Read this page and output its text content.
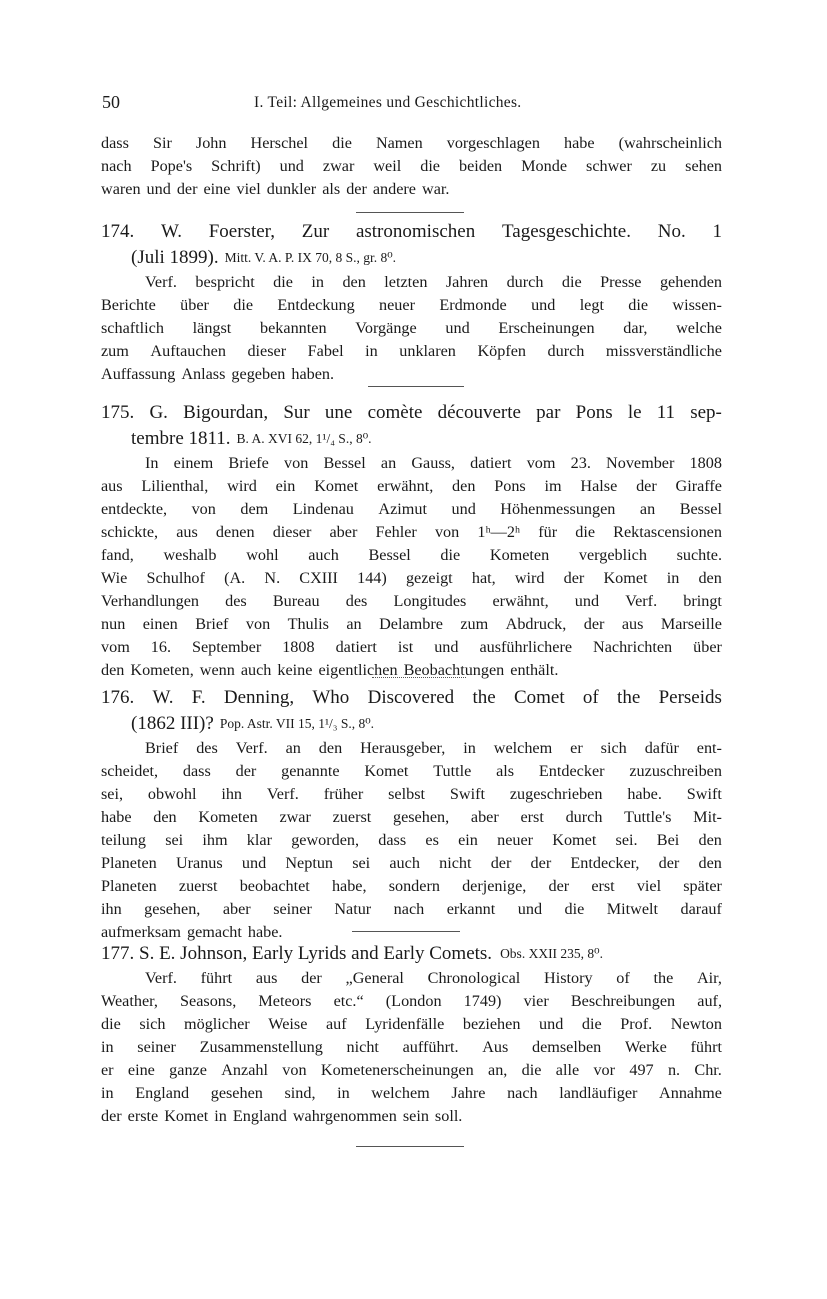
50	I. Teil: Allgemeines und Geschichtliches.
dass Sir John Herschel die Namen vorgeschlagen habe (wahrscheinlich
nach Pope's Schrift) und zwar weil die beiden Monde schwer zu sehen
waren und der eine viel dunkler als der andere war.
174. W. Foerster, Zur astronomischen Tagesgeschichte. No. 1
(Juli 1899). Mitt. V. A. P. IX 70, 8 S., gr. 8⁰.
Verf. bespricht die in den letzten Jahren durch die Presse gehenden
Berichte über die Entdeckung neuer Erdmonde und legt die wissen-
schaftlich längst bekannten Vorgänge und Erscheinungen dar, welche
zum Auftauchen dieser Fabel in unklaren Köpfen durch missverständliche
Auffassung Anlass gegeben haben.
175. G. Bigourdan, Sur une comète découverte par Pons le 11 sep-
tembre 1811. B. A. XVI 62, 1¹/₄ S., 8⁰.
In einem Briefe von Bessel an Gauss, datiert vom 23. November 1808
aus Lilienthal, wird ein Komet erwähnt, den Pons im Halse der Giraffe
entdeckte, von dem Lindenau Azimut und Höhenmessungen an Bessel
schickte, aus denen dieser aber Fehler von 1ʰ—2ʰ für die Rektascensionen
fand, weshalb wohl auch Bessel die Kometen vergeblich suchte.
Wie Schulhof (A. N. CXIII 144) gezeigt hat, wird der Komet in den
Verhandlungen des Bureau des Longitudes erwähnt, und Verf. bringt
nun einen Brief von Thulis an Delambre zum Abdruck, der aus Marseille
vom 16. September 1808 datiert ist und ausführlichere Nachrichten über
den Kometen, wenn auch keine eigentlichen Beobachtungen enthält.
176. W. F. Denning, Who Discovered the Comet of the Perseids
(1862 III)? Pop. Astr. VII 15, 1¹/₃ S., 8⁰.
Brief des Verf. an den Herausgeber, in welchem er sich dafür ent-
scheidet, dass der genannte Komet Tuttle als Entdecker zuzuschreiben
sei, obwohl ihn Verf. früher selbst Swift zugeschrieben habe. Swift
habe den Kometen zwar zuerst gesehen, aber erst durch Tuttle's Mit-
teilung sei ihm klar geworden, dass es ein neuer Komet sei. Bei den
Planeten Uranus und Neptun sei auch nicht der der Entdecker, der den
Planeten zuerst beobachtet habe, sondern derjenige, der erst viel später
ihn gesehen, aber seiner Natur nach erkannt und die Mitwelt darauf
aufmerksam gemacht habe.
177. S. E. Johnson, Early Lyrids and Early Comets. Obs. XXII 235, 8⁰.
Verf. führt aus der „General Chronological History of the Air,
Weather, Seasons, Meteors etc.“ (London 1749) vier Beschreibungen auf,
die sich möglicher Weise auf Lyridenfälle beziehen und die Prof. Newton
in seiner Zusammenstellung nicht aufführt. Aus demselben Werke führt
er eine ganze Anzahl von Kometenerscheinungen an, die alle vor 497 n. Chr.
in England gesehen sind, in welchem Jahre nach landläufiger Annahme
der erste Komet in England wahrgenommen sein soll.
